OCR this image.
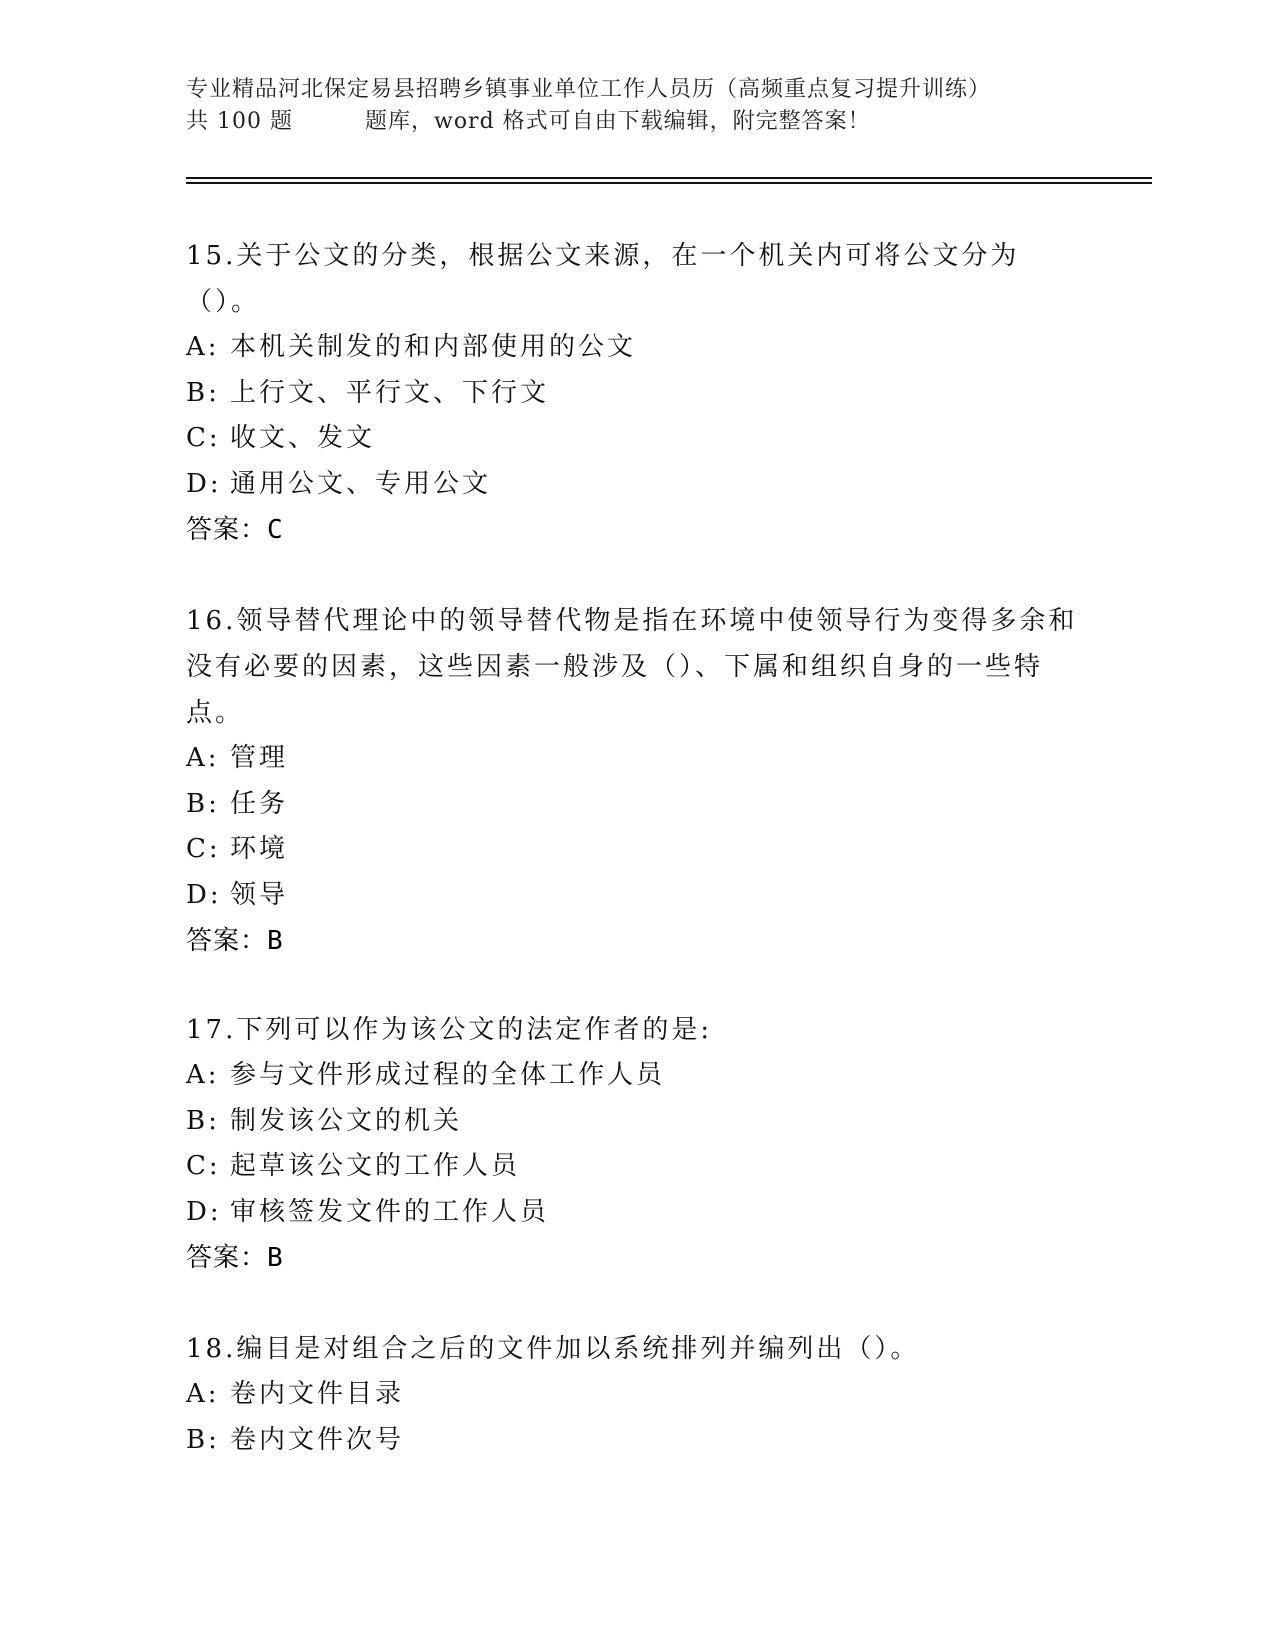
专业精品河北保定易县招聘乡镇事业单位工作人员历（高频重点复习提升训练）
共 100 题	题库，word 格式可自由下载编辑，附完整答案！
15.关于公文的分类，根据公文来源，在一个机关内可将公文分为（）。
A: 本机关制发的和内部使用的公文
B: 上行文、平行文、下行文
C: 收文、发文
D: 通用公文、专用公文
答案：C
16.领导替代理论中的领导替代物是指在环境中使领导行为变得多余和没有必要的因素，这些因素一般涉及（）、下属和组织自身的一些特点。
A: 管理
B: 任务
C: 环境
D: 领导
答案：B
17.下列可以作为该公文的法定作者的是:
A: 参与文件形成过程的全体工作人员
B: 制发该公文的机关
C: 起草该公文的工作人员
D: 审核签发文件的工作人员
答案：B
18.编目是对组合之后的文件加以系统排列并编列出（）。
A: 卷内文件目录
B: 卷内文件次号
